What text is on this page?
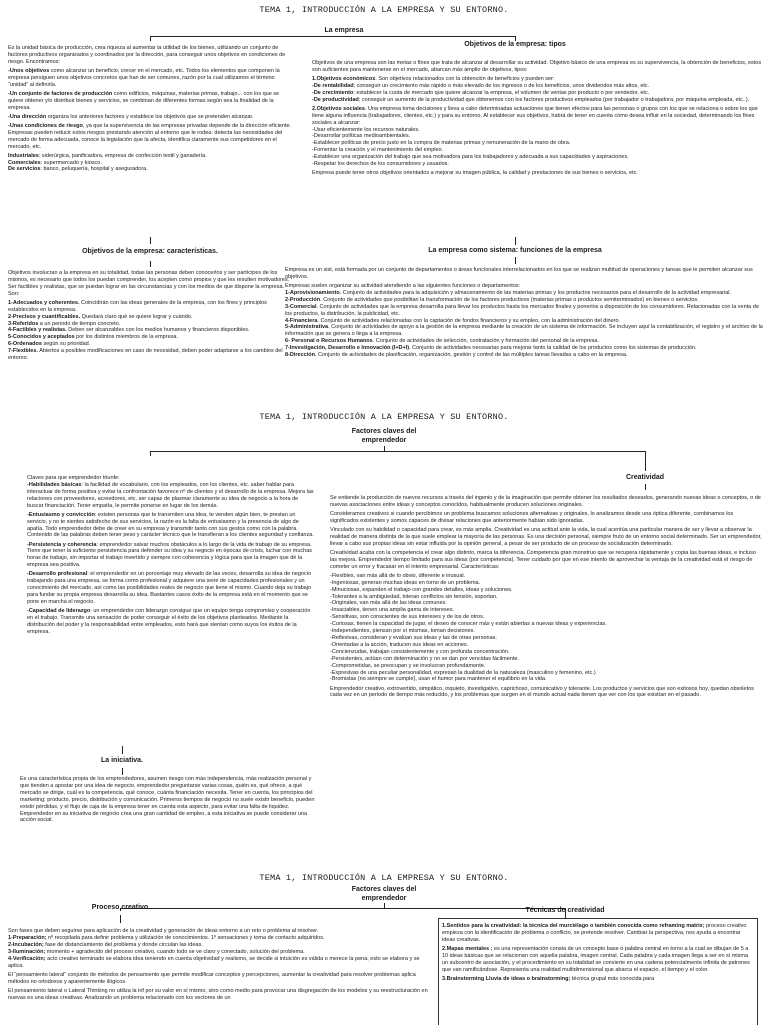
TEMA 1, INTRODUCCIÓN A LA EMPRESA Y SU ENTORNO.
La empresa

Es la unidad básica de producción, crea riqueza al aumentar la utilidad de los bienes, utilizando un conjunto de factores productivos organizados y coordinados por la dirección, para conseguir unos objetivos en condiciones de riesgo. Encontramos:

-Unos objetivos como alcanzar un beneficio, crecer en el mercado, etc. Todos los elementos que componen la empresa persiguen unos objetivos concretos que han de ser comunes, razón por la cual utilizamos el término “unidad” al definirla.

-Un conjunto de factores de producción como edificios, máquinas, materias primas, trabajo... con los que se quiere obtener y/o distribuir bienes y servicios, se combinan de diferentes formas según sea la finalidad de la empresa.

-Una dirección organiza los anteriores factores y establece los objetivos que se pretenden alcanzar.

-Unas condiciones de riesgo, ya que la supervivencia de las empresas privadas depende de la dirección eficiente. Empresas pueden reducir estos riesgos prestando atención al entorno que le rodea: detecta las necesidades del mercado de forma adecuada, conoce la legislación que la afecta, identifica claramente sus competidores en el mercado, etc.

Industriales: siderúrgica, panificadora, empresa de confección textil y ganadería.

Comerciales: supermercado y kiosco.

De servicios: banco, peluquería, hospital y aseguradora.

Objetivos de la empresa: tipos

Objetivos de una empresa son las metas o fines que trata de alcanzar al desarrollar su actividad. Objetivo básico de una empresa es su supervivencia, la obtención de beneficios, estos son suficientes para mantenerse en el mercado, abarcan más amplio de objetivos, tipos:

1.Objetivos económicos. Son objetivos relacionados con la obtención de beneficios y pueden ser:

-De rentabilidad; conseguir un crecimiento más rápido o más elevado de los ingresos o de los beneficios, unos dividendos más altos, etc.

-De crecimiento; establecer la cuota de mercado que quiere alcanzar la empresa, el volumen de ventas por producto o por vendedor, etc.

-De productividad; conseguir un aumento de la productividad que obtenemos con los factores productivos empleados (por trabajador o trabajadora, por máquina empleada, etc..).

2.Objetivos sociales. Una empresa toma decisiones y lleva a cabo determinadas actuaciones que tienen efectos para las personas o grupos con los que se relaciona o sobre los que tiene alguna influencia (trabajadores, clientes, etc.) y para su entorno. Al establecer sus objetivos, habrá de tener en cuenta cómo desea influir en la sociedad, determinando los fines sociales a alcanzar:

-Usar eficientemente los recursos naturales.

-Desarrollar políticas medioambientales.

-Establecer políticas de precio justo en la compra de materias primas y remuneración de la mano de obra.

-Fomentar la creación y el mantenimiento del empleo.

-Establecer una organización del trabajo que sea motivadora para los trabajadores y adecuada a sus capacidades y aspiraciones.

-Respetar los derechos de los consumidores y usuarios.

Empresa puede tener otros objetivos orientados a mejorar su imagen pública, la calidad y prestaciones de sus bienes o servicios, etc.

Objetivos de la empresa: características.

Objetivos involucran a la empresa en su totalidad, todas las personas deben conocerlos y ser partícipes de los mismos, es necesario que todos los puedan comprender, los acepten como propios y que les resulten motivadores. Ser factibles y realistas, que se puedan lograr en las circunstancias y con los medios de que dispone la empresa. Son:

1-Adecuados y coherentes. Coincidirán con las ideas generales de la empresa, con los fines y principios establecidos en la empresa.

2-Precisos y cuantificables. Quedará claro qué se quiere lograr y cuándo.

3-Referidos a un periodo de tiempo concreto.

4-Factibles y realistas. Deben ser alcanzables con los medios humanos y financieros disponibles.

5-Conocidos y aceptados por los distintos miembros de la empresa.

6-Ordenados según su prioridad.

7-Flexibles. Abiertos a posibles modificaciones en caso de necesidad, deben poder adaptarse a los cambios del entorno.

La empresa como sistema: funciones de la empresa

Empresa es un sist, está formada por un conjunto de departamentos o áreas funcionales interrelacionados en los que se realizan multitud de operaciones y tareas que le permiten alcanzar sus objetivos.

Empresas suelen organizar su actividad atendiendo a las siguientes funciones o departamentos:

1-Aprovisionamiento. Conjunto de actividades para la adquisición y almacenamiento de las materias primas y los productos necesarios para el desarrollo de la actividad empresarial.

2-Producción. Conjunto de actividades que posibilitan la transformación de los factores productivos (materias primas o productos semiterminados) en bienes o servicios.

3-Comercial. Conjunto de actividades que la empresa desarrolla para llevar los productos hasta los mercados finales y ponerlos a disposición de los consumidores. Relacionadas con la venta de los productos, la distribución, la publicidad, etc.

4-Financiera. Conjunto de actividades relacionadas con la captación de fondos financieros y su empleo, con la administración del dinero.

5-Administrativa. Conjunto de actividades de apoyo a la gestión de la empresa mediante la creación de un sistema de información. Se incluyen aquí la contabilización, el registro y el archivo de la información que se genera o llega a la empresa.

6- Personal o Recursos Humanos. Conjunto de actividades de selección, contratación y formación del personal de la empresa.

7-Investigación, Desarrollo e Innovación (I+D+I). Conjunto de actividades necesarias para mejorar tanto la calidad de los productos como los sistemas de producción.

8-Dirección. Conjunto de actividades de planificación, organización, gestión y control de las múltiples tareas llevadas a cabo en la empresa.

TEMA 1, INTRODUCCIÓN A LA EMPRESA Y SU ENTORNO.
Factores claves del emprendedor

Claves para que emprendedor triunfe:

-Habilidades básicas: la facilidad de vocabulario, con los empleados, con los clientes, etc. saber hablar para interactuar de forma positiva y evitar la confrontación favorece nº de clientes y el desarrollo de la empresa. Mejora las relaciones con proveedores, acreedores, etc. ser capaz de plasmar claramente su idea de negocio a la hora de buscar financiación. Tener empatía, le permite ponerse en lugar de los demás.

-Entusiasmo y convicción: existen personas que te transmiten una idea, te venden algún bien, te prestan un servicio, y no te sientes satisfecho de sus servicios, la razón es la falta de entusiasmo y la presencia de algo de apatía. Todo emprendedor debe de creer en su empresa y transmitir tanto con sus gestos como con la palabra. Contenido de las palabras deben tener peso y carácter técnico que le transfieran a los clientes seguridad y confianza.

-Persistencia y coherencia: emprendedor salvar muchos obstáculos a lo largo de la vida de trabajo de su empresa. Tiene que tener la suficiente persistencia para defender su idea y su negocio en épocas de crisis, luchar con muchas horas de trabajo, sin importar el trabajo invertido y siempre con coherencia y lógica para que la imagen que dé la empresa sea positiva.

-Desarrollo profesional: el emprendedor en un porcentaje muy elevado de las veces, desarrolla su idea de negocio trabajando para una empresa, se forma como profesional y adquiere una serie de capacidades profesionales y un conocimiento del mercado, así como las posibilidades reales de negocio que tiene el mismo. Cuando deja su trabajo para fundar su propia empresa desarrolla su idea. Bastantes casos éxito de la empresa está en el momento que se pone en marcha el negocio.

-Capacidad de liderazgo: un emprendedor con liderazgo consigue que un equipo tenga compromiso y cooperación en el trabajo. Transmite una sensación de poder conseguir el éxito de los objetivos planteados. Mediante la distribución del poder y la responsabilidad entre empleados, esto hará que sientan como suyos los éxitos de la empresa.

La iniciativa.

Es una característica propia de los emprendedores, asumen riesgo con más independencia, más realización personal y que tienden a apostar por una idea de negocio, emprendedor preguntarse varias cosas, quién es, qué ofrece, a qué mercado se dirige, cuál es la competencia, qué conoce, cuánta financiación necesita. Tener en cuenta, los principios del marketing: producto, precio, distribución y comunicación. Primeros tiempos de negocio no suele existir beneficio, pueden existir pérdidas, y el flujo de caja de la empresa tener en cuenta esta aspecto, para evitar una falta de liquidez. Emprendedor en su iniciativa de negocio crea una gran cantidad de empleo, a esta iniciativa se puede considerar una acción social.

Creatividad

Se entiende la producción de nuevos recursos a través del ingenio y de la imaginación que permite obtener los resultados deseados, generando nuevas ideas o conceptos, o de nuevas asociaciones entre ideas y conceptos conocidos, habitualmente producen soluciones originales.

Consideramos creativos si cuando percibimos un problema buscamos soluciones alternativas y originales, lo analizamos desde una óptica diferente, combinamos los significados existentes y somos capaces de divisar relaciones que anteriormente habían sido ignoradas.

Vinculado con su habilidad o capacidad para crear, es más amplia. Creatividad es una actitud ante la vida, la cual acentúa una particular manera de ser y llevar a observar la realidad de manera distinta de la que suele emplear la mayoría de las personas. Es una decisión personal, siempre fruto de un entorno social determinado. Ser un emprendedor, llevar a cabo sus propias ideas sin estar influida por la opinión general, a pesar de ser producto de un proceso de socialización determinado.

Creatividad acaba con la competencia el crear algo distinto, marca la diferencia. Competencia gran monstruo que se recupera rápidamente y copia las buenas ideas, e incluso las mejora. Emprendedor tiempo limitado para sus ideas (por competencia). Tener cuidado por que en ese intento de aprovechar la ventaja de la creatividad está el riesgo de cometer un error y fracasar en el intento empresarial. Características:

-Flexibles, van más allá de lo obvio, diferente e inusual.

-Ingeniosas, generan muchas ideas en torno de un problema.

-Minuciosas, expanden el trabajo con grandes detalles, ideas y soluciones.

-Tolerantes a la ambigüedad, toleran conflictos sin tensión, soportan.

-Originales, van más allá de las ideas comunes.

-Insaciables, tienen una amplia gama de intereses.

-Sensitivas, son conscientes de sus intereses y de los de otros.

-Curiosas, tienen la capacidad de jugar, el deseo de conocer más y están abiertas a nuevas ideas y experiencias.

-Independientes, piensan por sí mismas, toman decisiones.

-Reflexivas, consideran y evalúan sus ideas y las de otras personas.

-Orientadas a la acción, traducen sus ideas en acciones.

-Concienzudas, trabajan consistentemente y con profunda concentración.

-Persistentes, actúan con determinación y no se dan por vencidas fácilmente.

-Comprometidas, se preocupan y se involucran profundamente.

-Expresivas de una peculiar personalidad, expresan la dualidad de la naturaleza (masculino y femenino, etc.)

-Bromistas (no siempre se cumple), usan el humor para mantener el equilibrio en la vida.

Emprendedor creativo, extrovertido, simpático, inquieto, investigativo, caprichoso, comunicativo y tolerante. Los productos y servicios que son exitosos hoy, quedan obsoletos cada vez en un periodo de tiempo más reducido, y los problemas que surgen en el mundo actual nada tienen que ver con los que existían en el pasado.

TEMA 1, INTRODUCCIÓN A LA EMPRESA Y SU ENTORNO.
Factores claves del emprendedor
Proceso creativo

Son fases que deben seguirse para aplicación de la creatividad y generación de ideas entorno a un reto o problema al resolver.

1-Preparación; nº recopilada para definir problema y utilización de conocimientos. 1º sensaciones y toma de contacto adquiridos.

2-Incubación; fase de distanciamiento del problema y donde circulan las ideas.

3-Iluminación; momento + agradecido del proceso creativo, cuando todo se ve claro y conectado, solución del problema.

4-Verificación; acto creativo terminado se elabora idea teniendo en cuenta objetividad y realismo, se decide si intuición es válida o merece la pena, esto se elabora y se aplica.

El “pensamiento lateral” conjunto de métodos de pensamiento que permite modificar conceptos y percepciones, aumentar la creatividad para resolver problemas aplica métodos no ortodoxos y aparentemente ilógicos.

El pensamiento lateral o Lateral Thinking no utiliza la inf por su valor en sí mismo, sino como medio para provocar una disgregación de los modelos y su reestructuración en nuevas es una ideas creativas. Analizando un problema relacionado con los vectores de un

Técnicas de creatividad

1.Sentidos para la creatividad: la técnica del murciélago o también conocida como reframing matrix; proceso creativo empieza con la identificación de problema o conflicto, se pretende resolver. Cambiar la perspectiva, nos ayuda a encontrar ideas creativas.

2.Mapas mentales ; es una representación consta de un concepto base o palabra central en torno a la cual se dibujan de 5 a 10 ideas básicas que se relacionan con aquella palabra, imagen central. Cada palabra y cada imagen llega a ser en sí misma un subcentro de asociación, y el procedimiento en su totalidad se convierte en una cadena potencialmente infinita de patrones que van ramificándose. Representa una realidad multidimensional que abarca el espacio, el tiempo y el color.

3.Brainstorming Lluvia de ideas o brainstorming; técnica grupal más conocida para
